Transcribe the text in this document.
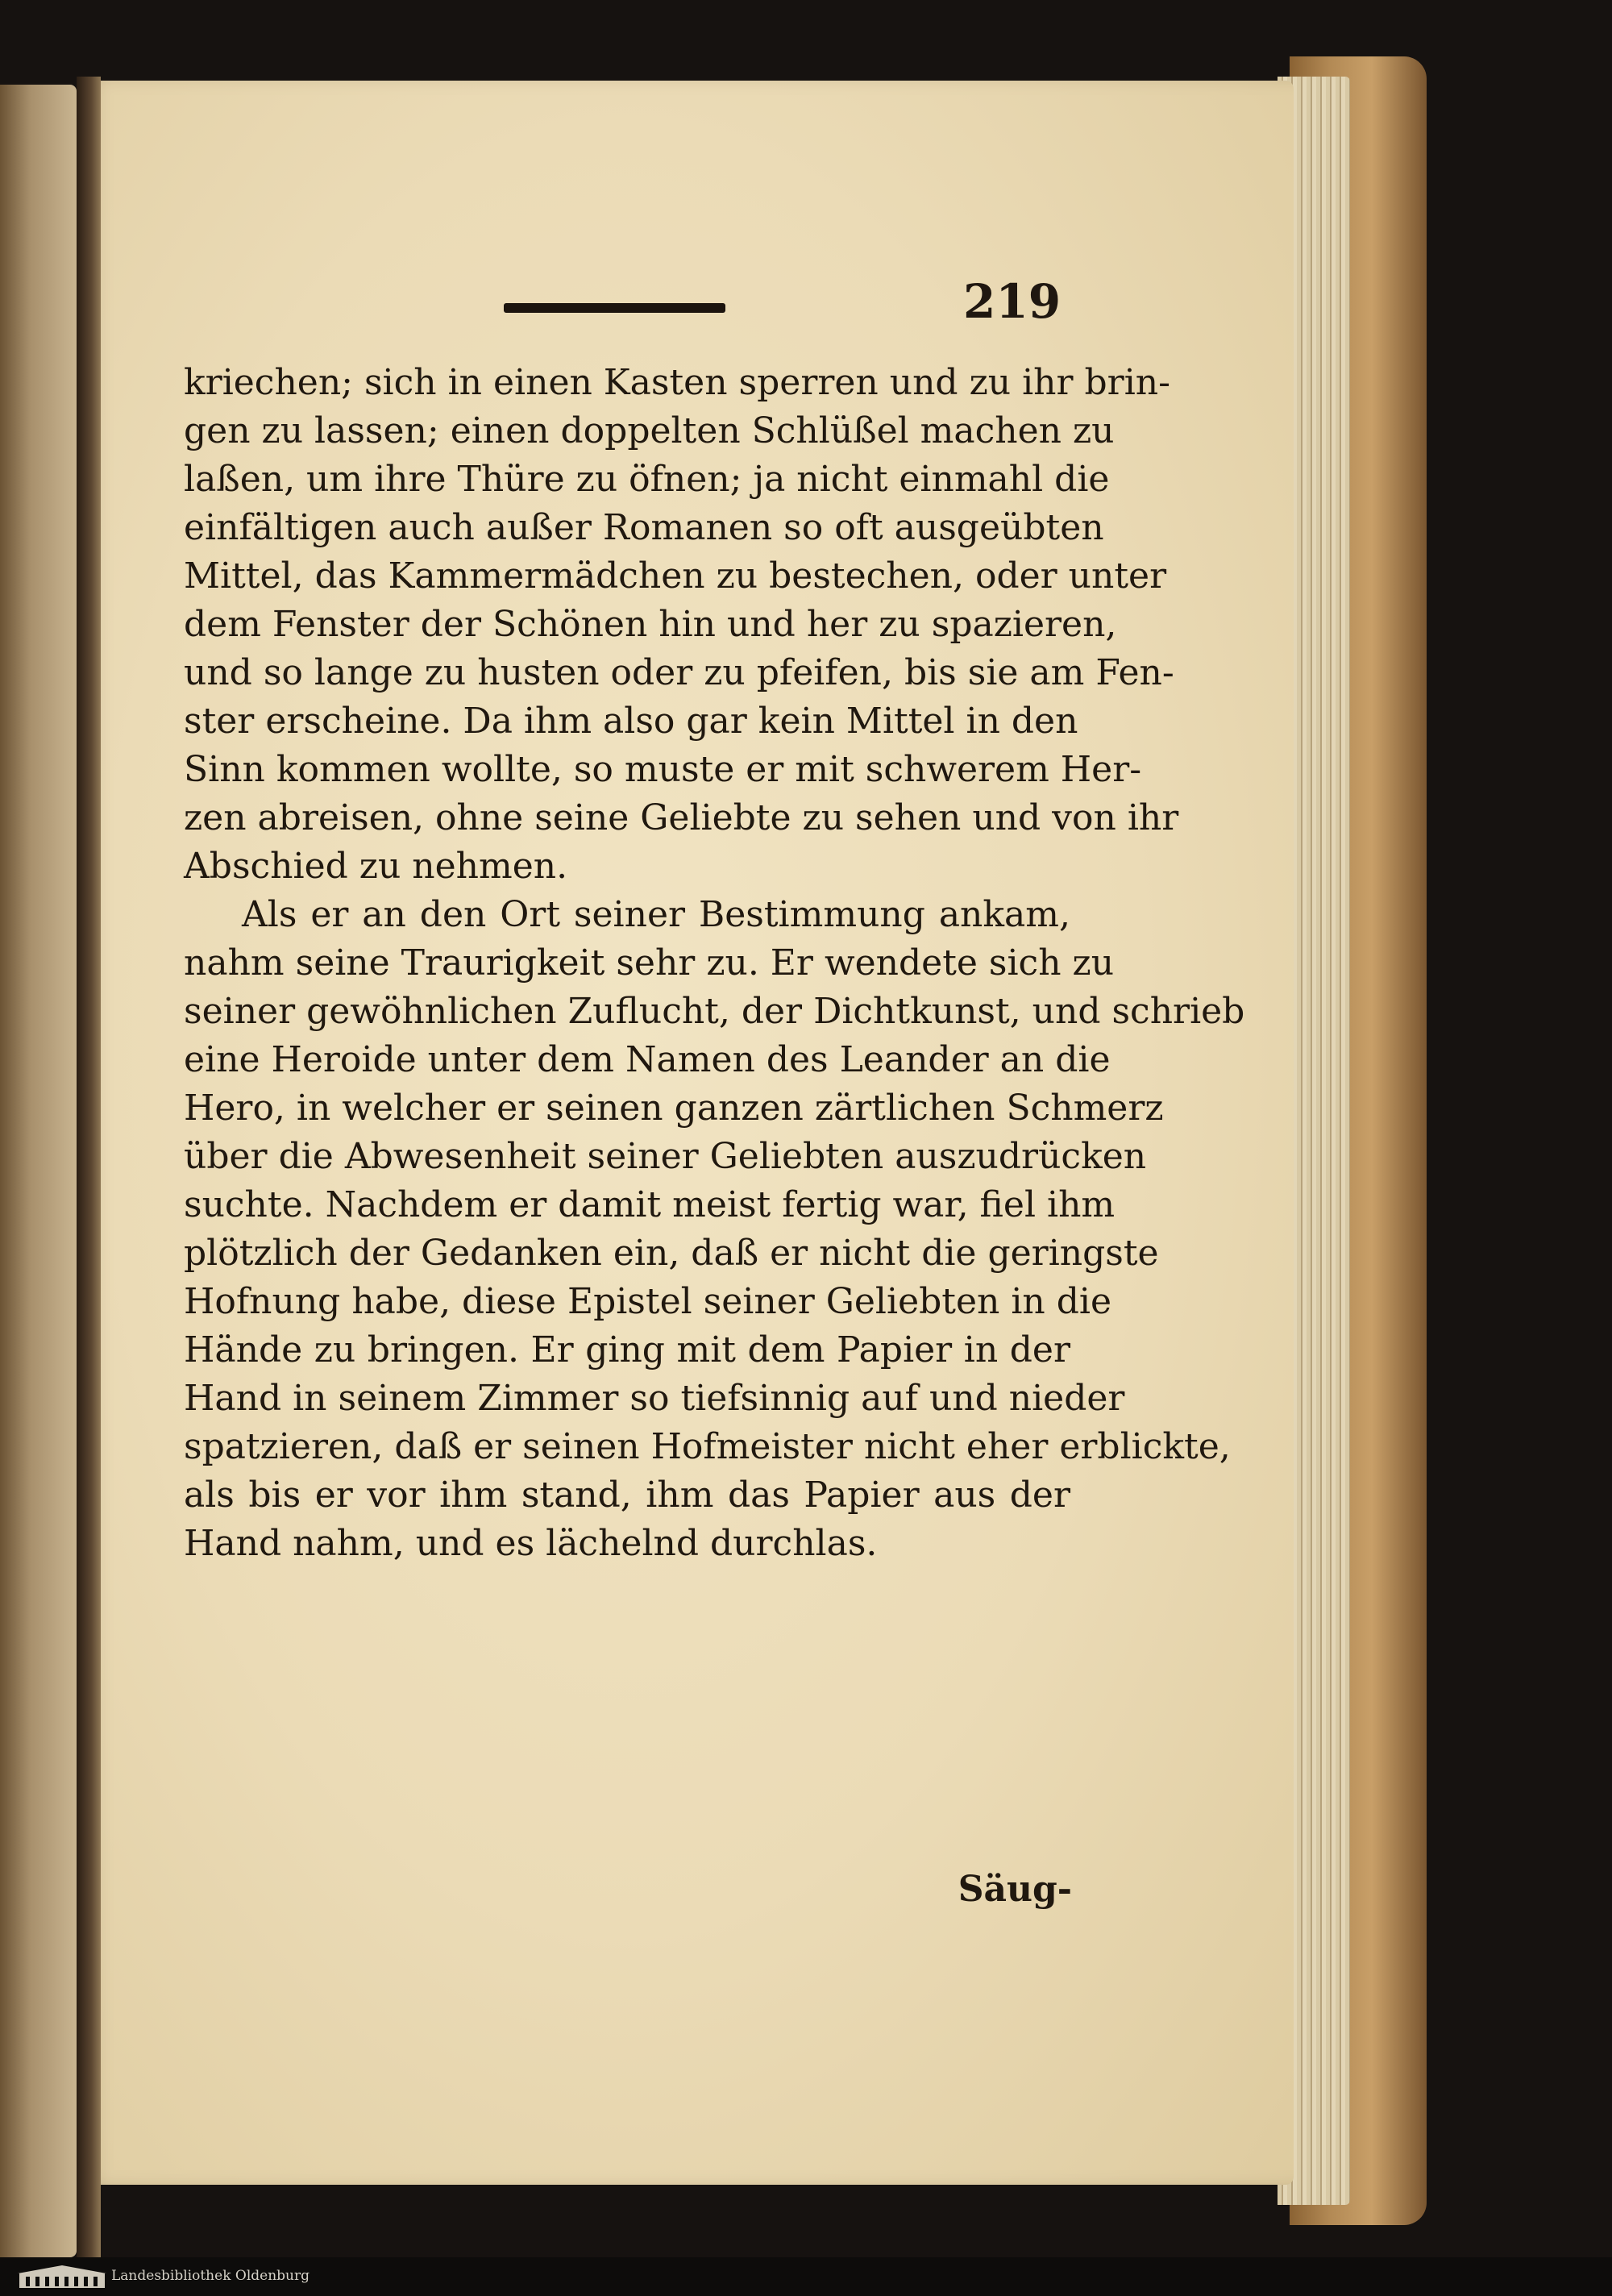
219
kriechen; sich in einen Kasten sperren und zu ihr brin-
gen zu lassen; einen doppelten Schlüßel machen zu
laßen, um ihre Thüre zu öfnen; ja nicht einmahl die
einfältigen auch außer Romanen so oft ausgeübten
Mittel, das Kammermädchen zu bestechen, oder unter
dem Fenster der Schönen hin und her zu spazieren,
und so lange zu husten oder zu pfeifen, bis sie am Fen-
ster erscheine. Da ihm also gar kein Mittel in den
Sinn kommen wollte, so muste er mit schwerem Her-
zen abreisen, ohne seine Geliebte zu sehen und von ihr
Abschied zu nehmen.
Als er an den Ort seiner Bestimmung ankam,
nahm seine Traurigkeit sehr zu. Er wendete sich zu
seiner gewöhnlichen Zuflucht, der Dichtkunst, und schrieb
eine Heroide unter dem Namen des Leander an die
Hero, in welcher er seinen ganzen zärtlichen Schmerz
über die Abwesenheit seiner Geliebten auszudrücken
suchte. Nachdem er damit meist fertig war, fiel ihm
plötzlich der Gedanken ein, daß er nicht die geringste
Hofnung habe, diese Epistel seiner Geliebten in die
Hände zu bringen. Er ging mit dem Papier in der
Hand in seinem Zimmer so tiefsinnig auf und nieder
spatzieren, daß er seinen Hofmeister nicht eher erblickte,
als bis er vor ihm stand, ihm das Papier aus der
Hand nahm, und es lächelnd durchlas.
Säug-
Landesbibliothek Oldenburg
